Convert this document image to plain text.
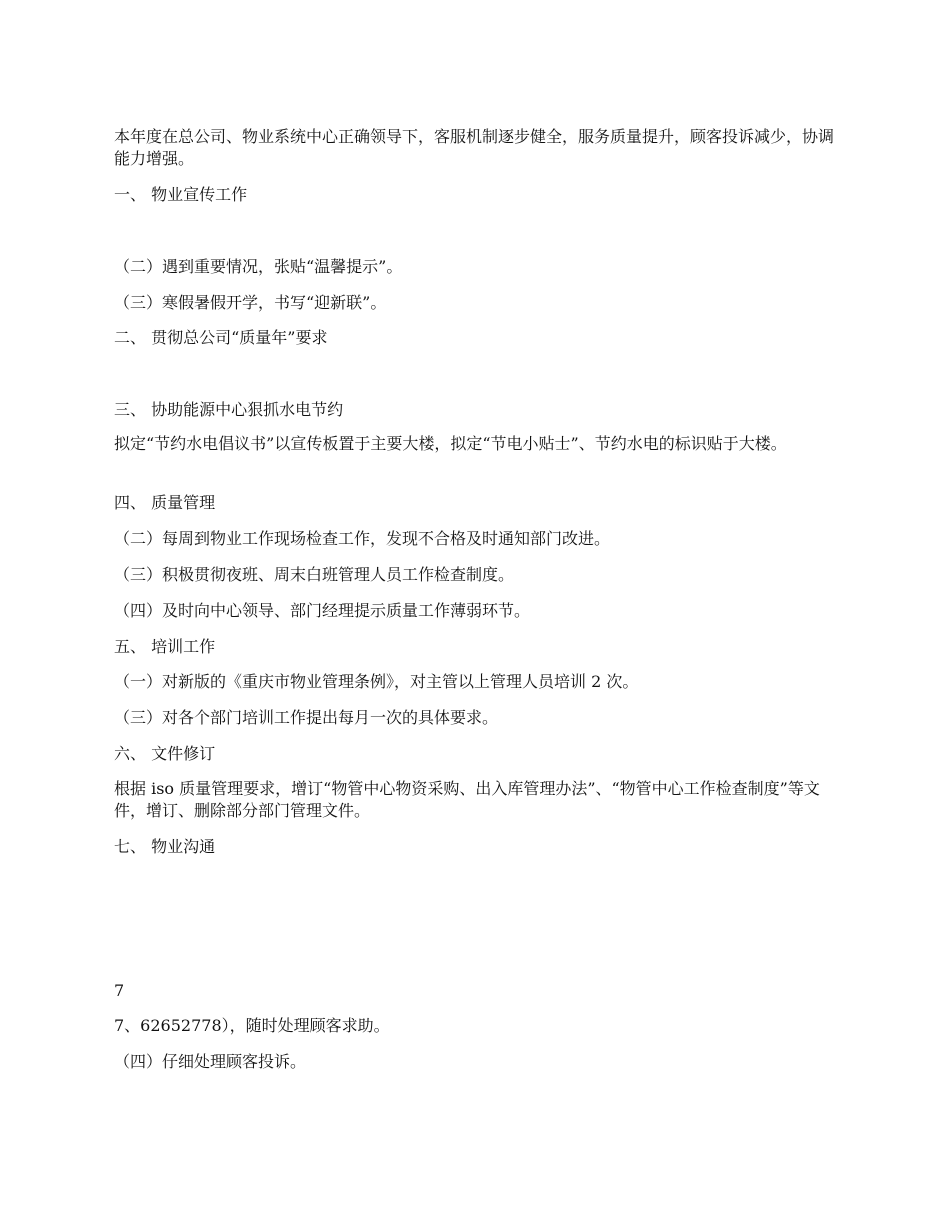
本年度在总公司、物业系统中心正确领导下，客服机制逐步健全，服务质量提升，顾客投诉减少，协调能力增强。

一、 物业宣传工作

（二）遇到重要情况，张贴“温馨提示”。

（三）寒假暑假开学，书写“迎新联”。

二、 贯彻总公司“质量年”要求

三、 协助能源中心狠抓水电节约

拟定“节约水电倡议书”以宣传板置于主要大楼，拟定“节电小贴士”、节约水电的标识贴于大楼。

四、 质量管理

（二）每周到物业工作现场检查工作，发现不合格及时通知部门改进。

（三）积极贯彻夜班、周末白班管理人员工作检查制度。

（四）及时向中心领导、部门经理提示质量工作薄弱环节。

五、 培训工作

（一）对新版的《重庆市物业管理条例》，对主管以上管理人员培训 2 次。

（三）对各个部门培训工作提出每月一次的具体要求。

六、 文件修订

根据 iso 质量管理要求，增订“物管中心物资采购、出入库管理办法”、“物管中心工作检查制度”等文件，增订、删除部分部门管理文件。

七、 物业沟通

7

7、62652778），随时处理顾客求助。

（四）仔细处理顾客投诉。
